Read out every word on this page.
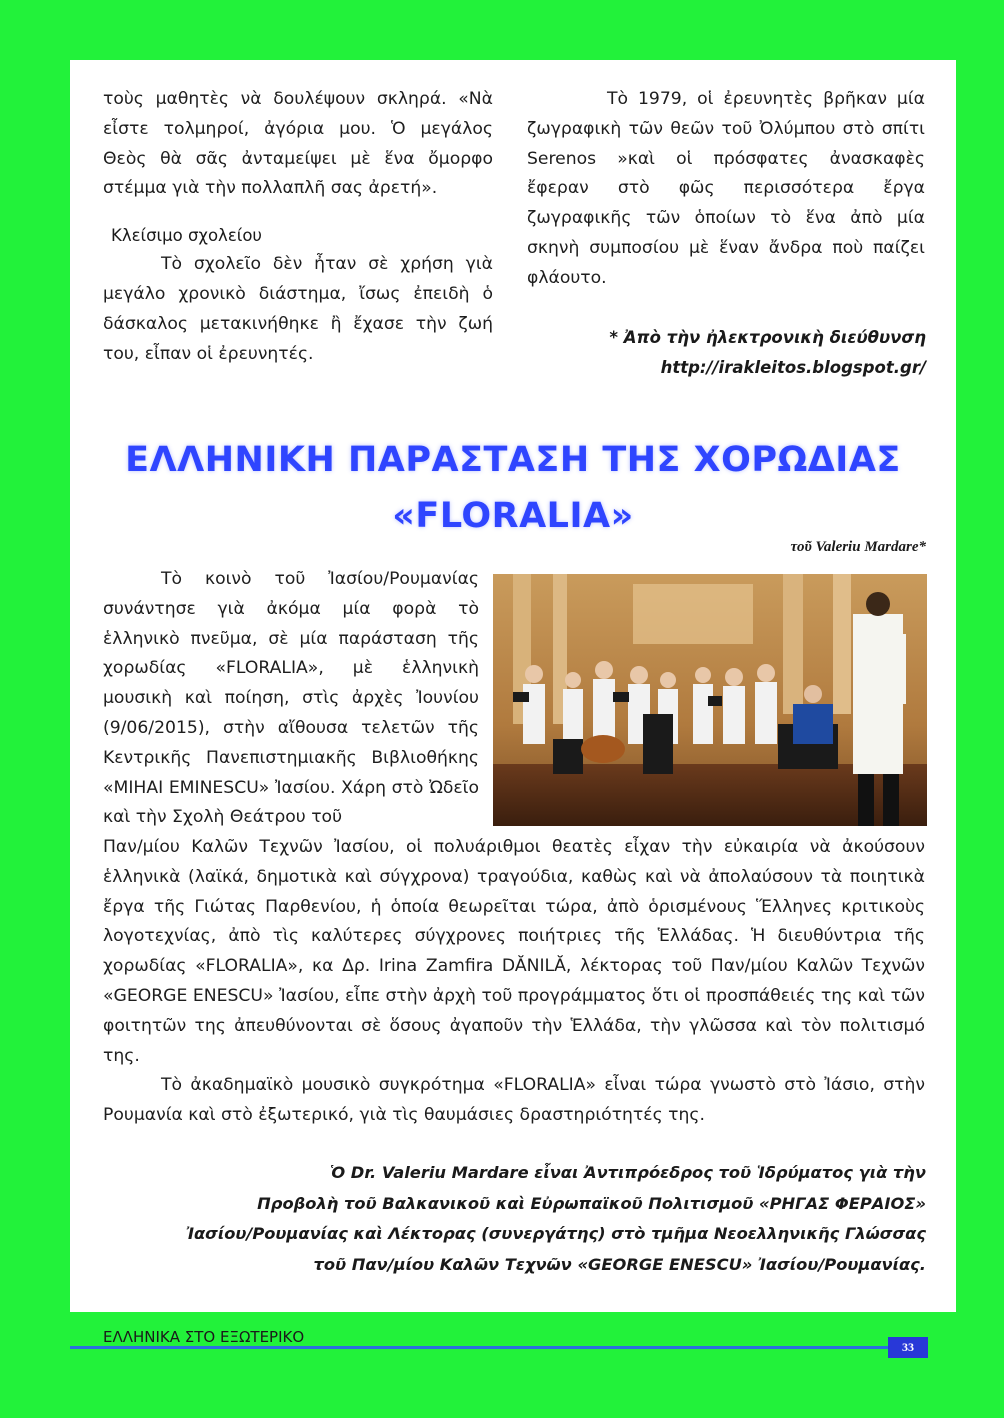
τοὺς μαθητὲς νὰ δουλέψουν σκληρά. «Νὰ εἶστε τολμηροί, ἀγόρια μου. Ὁ μεγάλος Θεὸς θὰ σᾶς ἀνταμείψει μὲ ἕνα ὄμορφο στέμμα γιὰ τὴν πολλαπλῆ σας ἀρετή».

Κλείσιμο σχολείου

Τὸ σχολεῖο δὲν ἦταν σὲ χρήση γιὰ μεγάλο χρονικὸ διάστημα, ἴσως ἐπειδὴ ὁ δάσκαλος μετακινήθηκε ἢ ἔχασε τὴν ζωή του, εἶπαν οἱ ἐρευνητές.

Τὸ 1979, οἱ ἐρευνητὲς βρῆκαν μία ζωγραφικὴ τῶν θεῶν τοῦ Ὀλύμπου στὸ σπίτι Serenos »καὶ οἱ πρόσφατες ἀνασκαφὲς ἔφεραν στὸ φῶς περισσότερα ἔργα ζωγραφικῆς τῶν ὁποίων τὸ ἕνα ἀπὸ μία σκηνὴ συμποσίου μὲ ἕναν ἄνδρα ποὺ παίζει φλάουτο.

* Ἀπὸ τὴν ἠλεκτρονικὴ διεύθυνση
http://irakleitos.blogspot.gr/
ΕΛΛΗΝΙΚΗ ΠΑΡΑΣΤΑΣΗ ΤΗΣ ΧΟΡΩΔΙΑΣ
«FLORALIA»
τοῦ Valeriu Mardare*

Τὸ κοινὸ τοῦ Ἰασίου/Ρουμανίας συνάντησε γιὰ ἀκόμα μία φορὰ τὸ ἑλληνικὸ πνεῦμα, σὲ μία παράσταση τῆς χορωδίας «FLORALIA», μὲ ἑλληνικὴ μουσικὴ καὶ ποίηση, στὶς ἀρχὲς Ἰουνίου (9/06/2015), στὴν αἴθουσα τελετῶν τῆς Κεντρικῆς Πανεπιστημιακῆς Βιβλιοθήκης «MIHAI EMINESCU» Ἰασίου. Χάρη στὸ Ὠδεῖο καὶ τὴν Σχολὴ Θεάτρου τοῦ

Παν/μίου Καλῶν Τεχνῶν Ἰασίου, οἱ πολυάριθμοι θεατὲς εἶχαν τὴν εὐκαιρία νὰ ἀκούσουν ἑλληνικὰ (λαϊκά, δημοτικὰ καὶ σύγχρονα) τραγούδια, καθὼς καὶ νὰ ἀπολαύσουν τὰ ποιητικὰ ἔργα τῆς Γιώτας Παρθενίου, ἡ ὁποία θεωρεῖται τώρα, ἀπὸ ὁρισμένους Ἕλληνες κριτικοὺς λογοτεχνίας, ἀπὸ τὶς καλύτερες σύγχρονες ποιήτριες τῆς Ἑλλάδας. Ἡ διευθύντρια τῆς χορωδίας «FLORALIA», κα Δρ. Irina Zamfira DĂNILĂ, λέκτορας τοῦ Παν/μίου Καλῶν Τεχνῶν «GEORGE ENESCU» Ἰασίου, εἶπε στὴν ἀρχὴ τοῦ προγράμματος ὅτι οἱ προσπάθειές της καὶ τῶν φοιτητῶν της ἀπευθύνονται σὲ ὅσους ἀγαποῦν τὴν Ἑλλάδα, τὴν γλῶσσα καὶ τὸν πολιτισμό της.

Τὸ ἀκαδημαϊκὸ μουσικὸ συγκρότημα «FLORALIA» εἶναι τώρα γνωστὸ στὸ Ἰάσιο, στὴν Ρουμανία καὶ στὸ ἐξωτερικό, γιὰ τὶς θαυμάσιες δραστηριότητές της.

Ὁ Dr. Valeriu Mardare εἶναι Ἀντιπρόεδρος τοῦ Ἱδρύματος γιὰ τὴν
Προβολὴ τοῦ Βαλκανικοῦ καὶ Εὐρωπαϊκοῦ Πολιτισμοῦ «ΡΗΓΑΣ ΦΕΡΑΙΟΣ»
Ἰασίου/Ρουμανίας καὶ Λέκτορας (συνεργάτης) στὸ τμῆμα Νεοελληνικῆς Γλώσσας
τοῦ Παν/μίου Καλῶν Τεχνῶν «GEORGE ENESCU» Ἰασίου/Ρουμανίας.
ΕΛΛΗΝΙΚΑ ΣΤΟ ΕΞΩΤΕΡΙΚΟ
33
